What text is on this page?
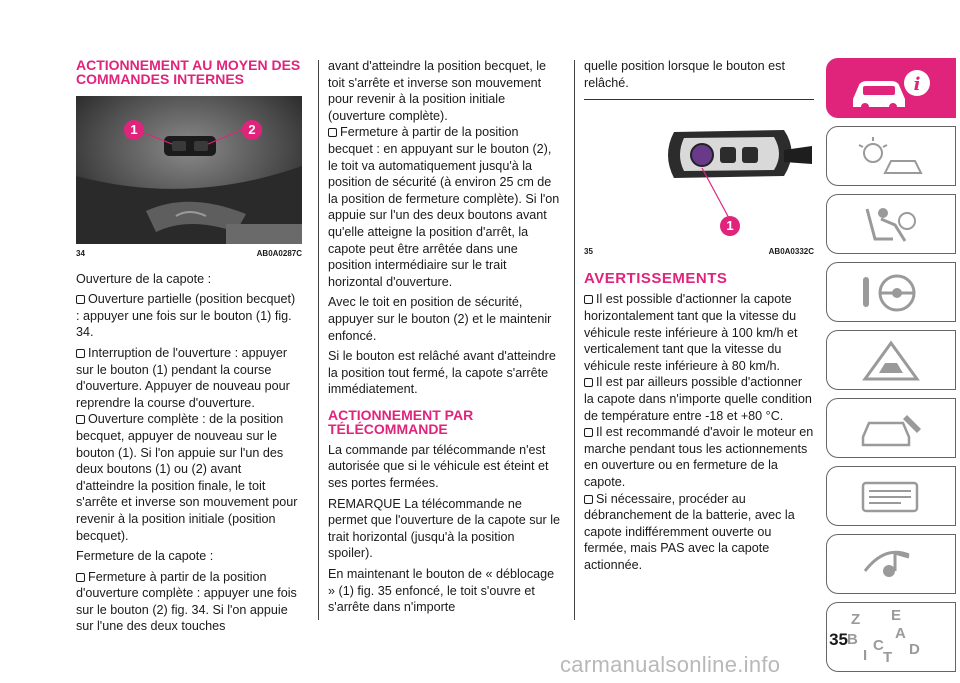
ACTIONNEMENT AU MOYEN DES COMMANDES INTERNES
1	2
34	AB0A0287C

Ouverture de la capote :

Ouverture partielle (position becquet) : appuyer une fois sur le bouton (1) fig. 34.

Interruption de l'ouverture : appuyer sur le bouton (1) pendant la course d'ouverture. Appuyer de nouveau pour reprendre la course d'ouverture.

Ouverture complète : de la position becquet, appuyer de nouveau sur le bouton (1). Si l'on appuie sur l'un des deux boutons (1) ou (2) avant d'atteindre la position finale, le toit s'arrête et inverse son mouvement pour revenir à la position initiale (position becquet).

Fermeture de la capote :

Fermeture à partir de la position d'ouverture complète : appuyer une fois sur le bouton (2) fig. 34. Si l'on appuie sur l'une des deux touches

avant d'atteindre la position becquet, le toit s'arrête et inverse son mouvement pour revenir à la position initiale (ouverture complète).

Fermeture à partir de la position becquet : en appuyant sur le bouton (2), le toit va automatiquement jusqu'à la position de sécurité (à environ 25 cm de la position de fermeture complète). Si l'on appuie sur l'un des deux boutons avant qu'elle atteigne la position d'arrêt, la capote peut être arrêtée dans une position intermédiaire sur le trait horizontal d'ouverture.

Avec le toit en position de sécurité, appuyer sur le bouton (2) et le maintenir enfoncé.

Si le bouton est relâché avant d'atteindre la position tout fermé, la capote s'arrête immédiatement.

ACTIONNEMENT PAR TÉLÉCOMMANDE

La commande par télécommande n'est autorisée que si le véhicule est éteint et ses portes fermées.

REMARQUE La télécommande ne permet que l'ouverture de la capote sur le trait horizontal (jusqu'à la position spoiler).

En maintenant le bouton de « déblocage » (1) fig. 35 enfoncé, le toit s'ouvre et s'arrête dans n'importe

quelle position lorsque le bouton est relâché.

1
35	AB0A0332C
AVERTISSEMENTS

Il est possible d'actionner la capote horizontalement tant que la vitesse du véhicule reste inférieure à 100 km/h et verticalement tant que la vitesse du véhicule reste inférieure à 80 km/h.

Il est par ailleurs possible d'actionner la capote dans n'importe quelle condition de température entre -18 et +80 °C.

Il est recommandé d'avoir le moteur en marche pendant tous les actionnements en ouverture ou en fermeture de la capote.

Si nécessaire, procéder au débranchement de la batterie, avec la capote indifféremment ouverte ou fermée, mais PAS avec la capote actionnée.

i
Z E
B A
I
C
T D
35
carmanualsonline.info
